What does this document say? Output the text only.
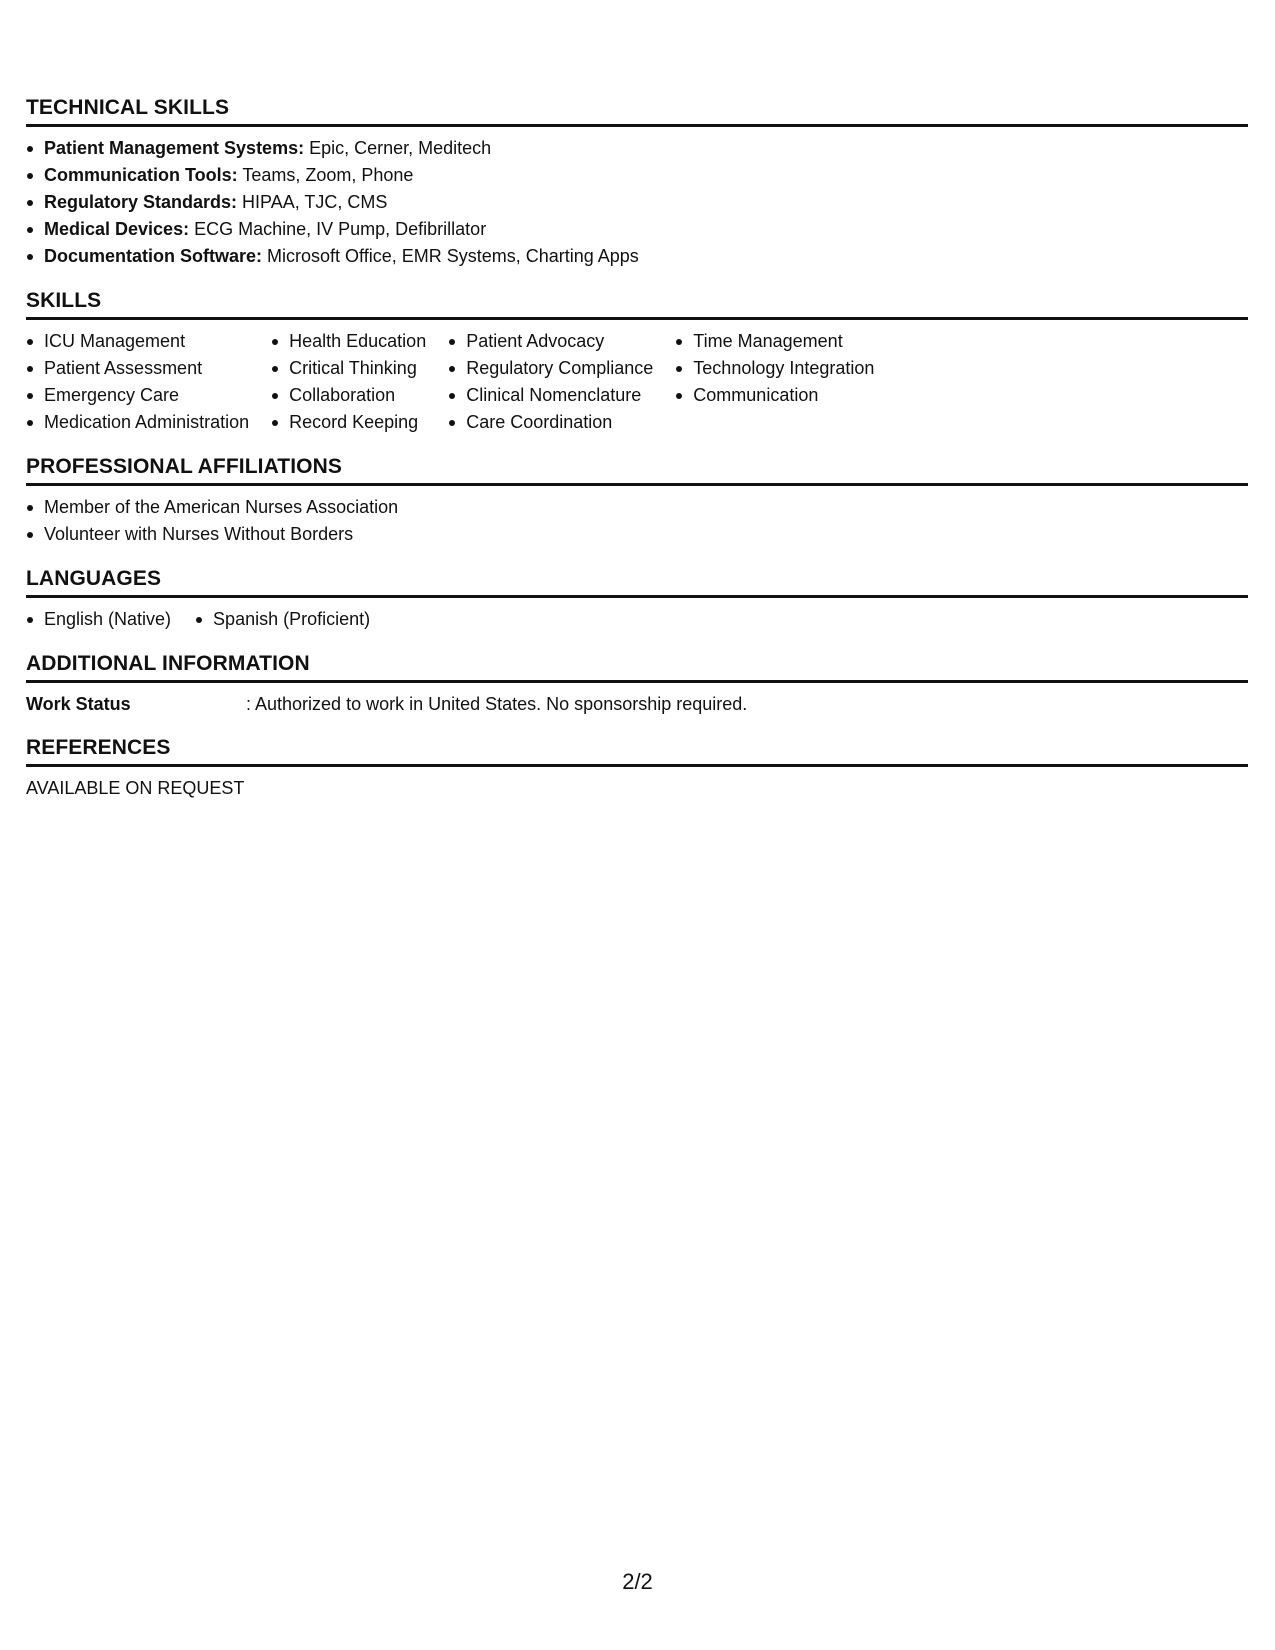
TECHNICAL SKILLS
Patient Management Systems: Epic, Cerner, Meditech
Communication Tools: Teams, Zoom, Phone
Regulatory Standards: HIPAA, TJC, CMS
Medical Devices: ECG Machine, IV Pump, Defibrillator
Documentation Software: Microsoft Office, EMR Systems, Charting Apps
SKILLS
ICU Management
Patient Assessment
Emergency Care
Medication Administration
Health Education
Critical Thinking
Collaboration
Record Keeping
Patient Advocacy
Regulatory Compliance
Clinical Nomenclature
Care Coordination
Time Management
Technology Integration
Communication
PROFESSIONAL AFFILIATIONS
Member of the American Nurses Association
Volunteer with Nurses Without Borders
LANGUAGES
English (Native)	Spanish (Proficient)
ADDITIONAL INFORMATION
Work Status	: Authorized to work in United States. No sponsorship required.
REFERENCES
AVAILABLE ON REQUEST
2/2
